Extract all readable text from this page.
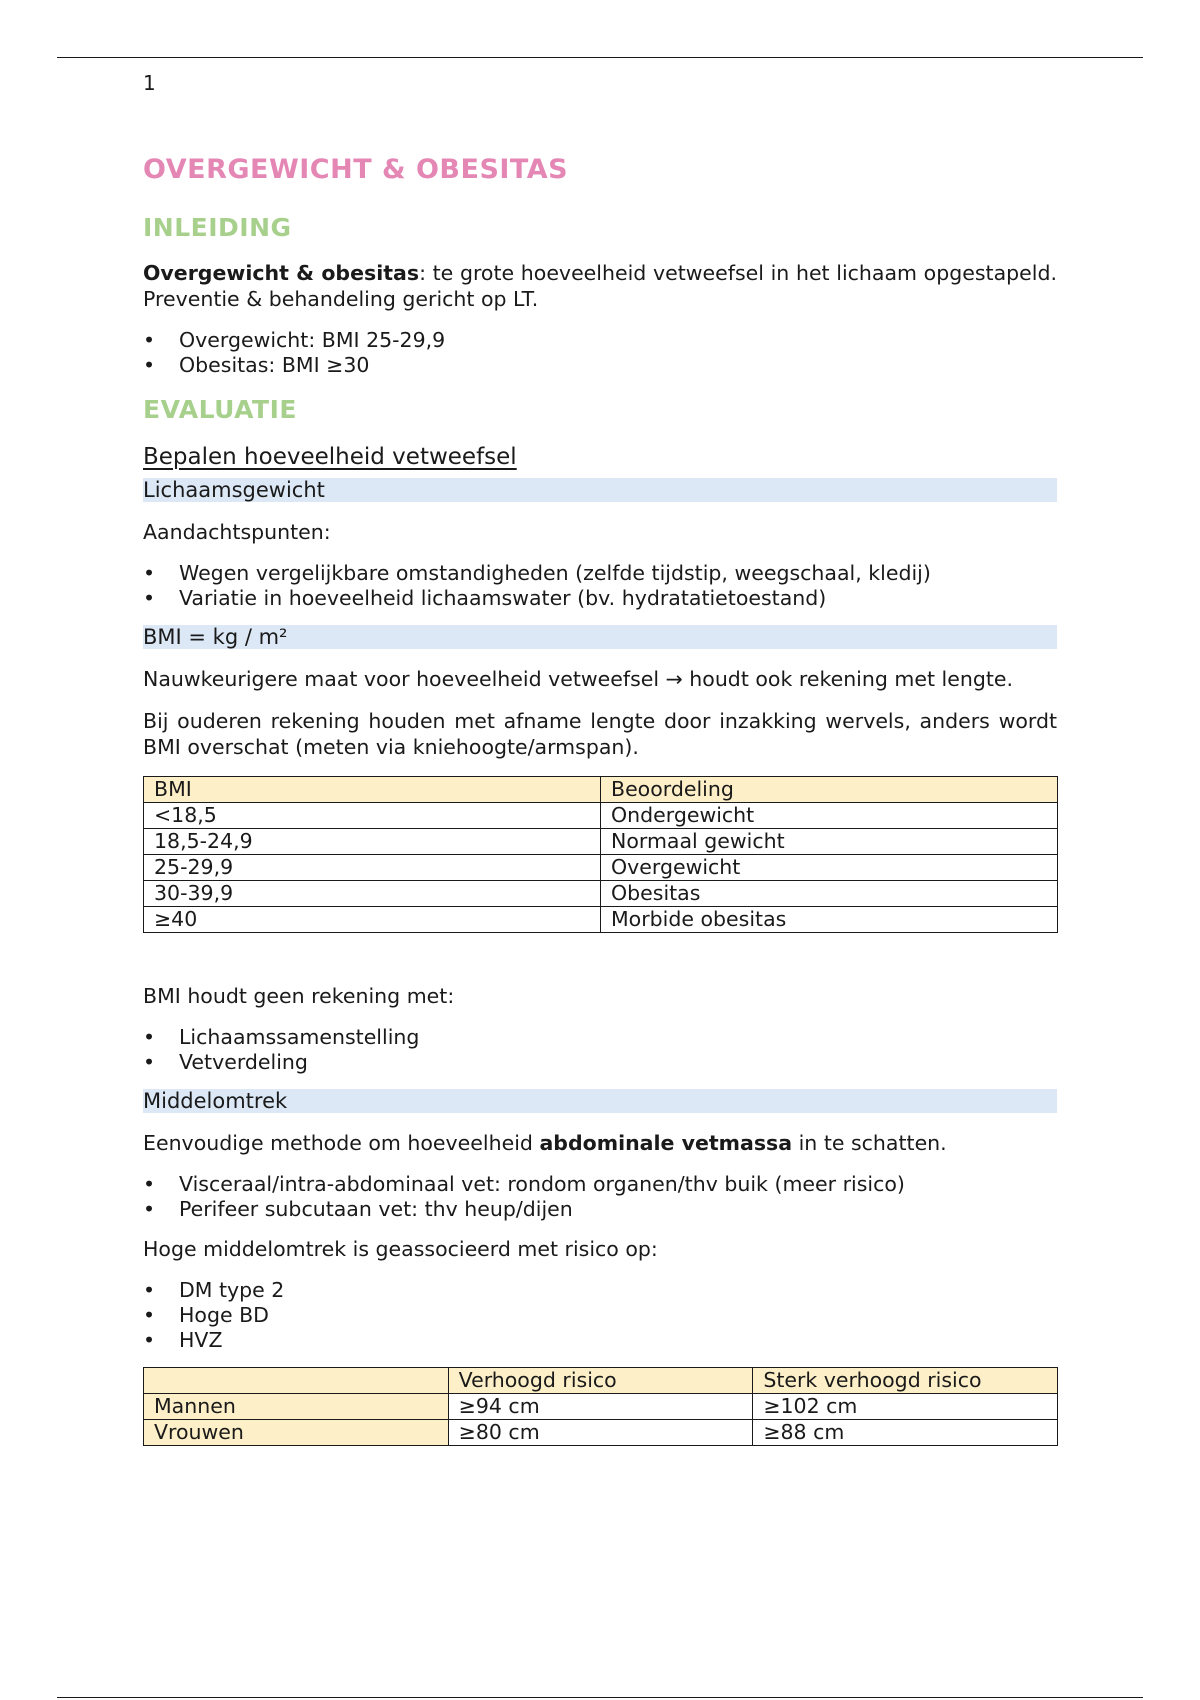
1
OVERGEWICHT & OBESITAS
INLEIDING

Overgewicht & obesitas: te grote hoeveelheid vetweefsel in het lichaam opgestapeld. Preventie & behandeling gericht op LT.

• Overgewicht: BMI 25-29,9
• Obesitas: BMI ≥30
EVALUATIE
Bepalen hoeveelheid vetweefsel
Lichaamsgewicht

Aandachtspunten:

• Wegen vergelijkbare omstandigheden (zelfde tijdstip, weegschaal, kledij)
• Variatie in hoeveelheid lichaamswater (bv. hydratatietoestand)
BMI = kg / m²

Nauwkeurigere maat voor hoeveelheid vetweefsel → houdt ook rekening met lengte.

Bij ouderen rekening houden met afname lengte door inzakking wervels, anders wordt BMI overschat (meten via kniehoogte/armspan).

BMI	Beoordeling
<18,5	Ondergewicht
18,5-24,9	Normaal gewicht
25-29,9	Overgewicht
30-39,9	Obesitas
≥40	Morbide obesitas

BMI houdt geen rekening met:

• Lichaamssamenstelling
• Vetverdeling
Middelomtrek

Eenvoudige methode om hoeveelheid abdominale vetmassa in te schatten.

• Visceraal/intra-abdominaal vet: rondom organen/thv buik (meer risico)
• Perifeer subcutaan vet: thv heup/dijen

Hoge middelomtrek is geassocieerd met risico op:

• DM type 2
• Hoge BD
• HVZ
	Verhoogd risico	Sterk verhoogd risico
Mannen	≥94 cm	≥102 cm
Vrouwen	≥80 cm	≥88 cm
